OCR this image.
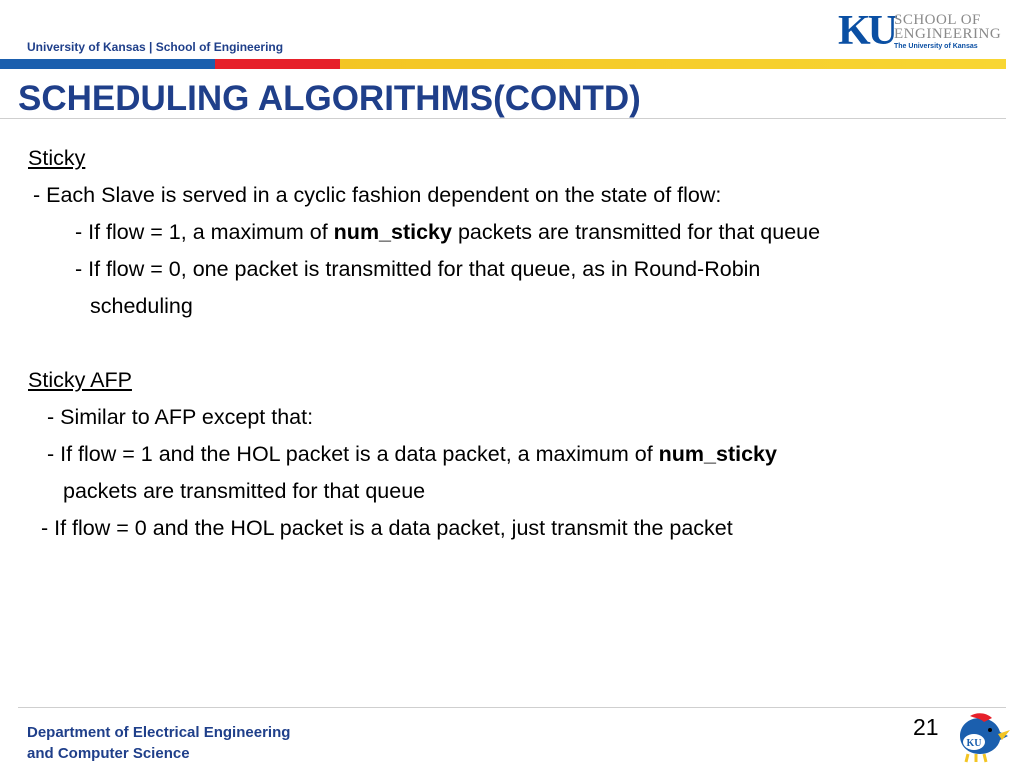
University of Kansas | School of Engineering	KU SCHOOL OF
ENGINEERING
The University of Kansas
SCHEDULING ALGORITHMS(CONTD)
Sticky
- Each Slave is served in a cyclic fashion dependent on the state of flow:
- If flow = 1, a maximum of num_sticky packets are transmitted for that queue
- If flow = 0, one packet is transmitted for that queue, as in Round-Robin
scheduling
Sticky AFP
- Similar to AFP except that:
- If flow = 1 and the HOL packet is a data packet, a maximum of num_sticky
packets are transmitted for that queue
- If flow = 0 and the HOL packet is a data packet, just transmit the packet
Department of Electrical Engineering
and Computer Science
21
KU
